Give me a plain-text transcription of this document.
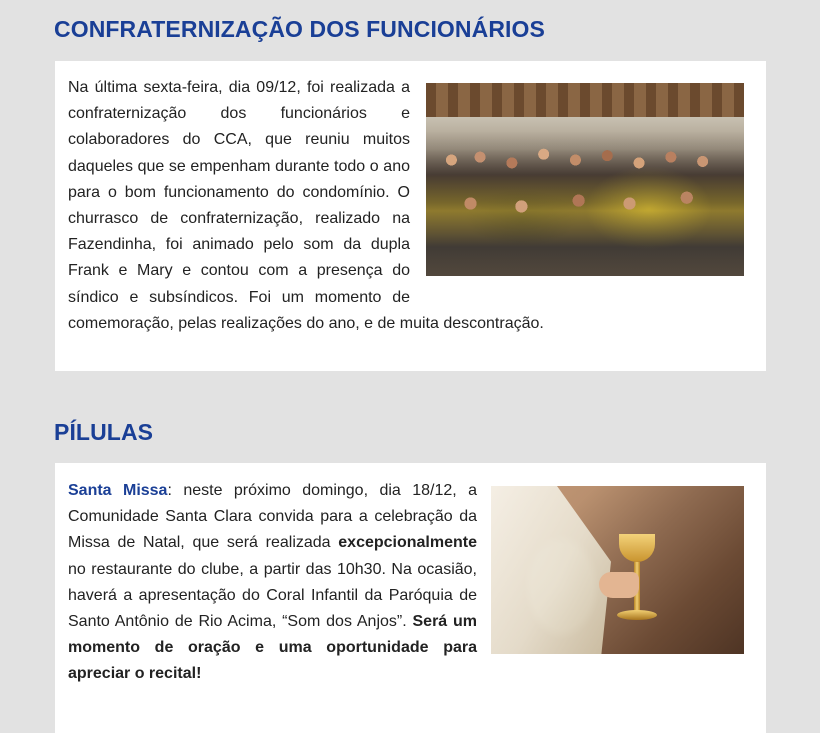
CONFRATERNIZAÇÃO DOS FUNCIONÁRIOS

Na última sexta-feira, dia 09/12, foi realizada a confraternização dos funcionários e colaboradores do CCA, que reuniu muitos daqueles que se empenham durante todo o ano para o bom funcionamento do condomínio. O churrasco de confraternização, realizado na Fazendinha, foi animado pelo som da dupla Frank e Mary e contou com a presença do síndico e subsíndicos. Foi um momento de comemoração, pelas realizações do ano, e de muita descontração.

PÍLULAS

Santa Missa: neste próximo domingo, dia 18/12, a Comunidade Santa Clara convida para a celebração da Missa de Natal, que será realizada excepcionalmente no restaurante do clube, a partir das 10h30. Na ocasião, haverá a apresentação do Coral Infantil da Paróquia de Santo Antônio de Rio Acima, “Som dos Anjos”. Será um momento de oração e uma oportunidade para apreciar o recital!
